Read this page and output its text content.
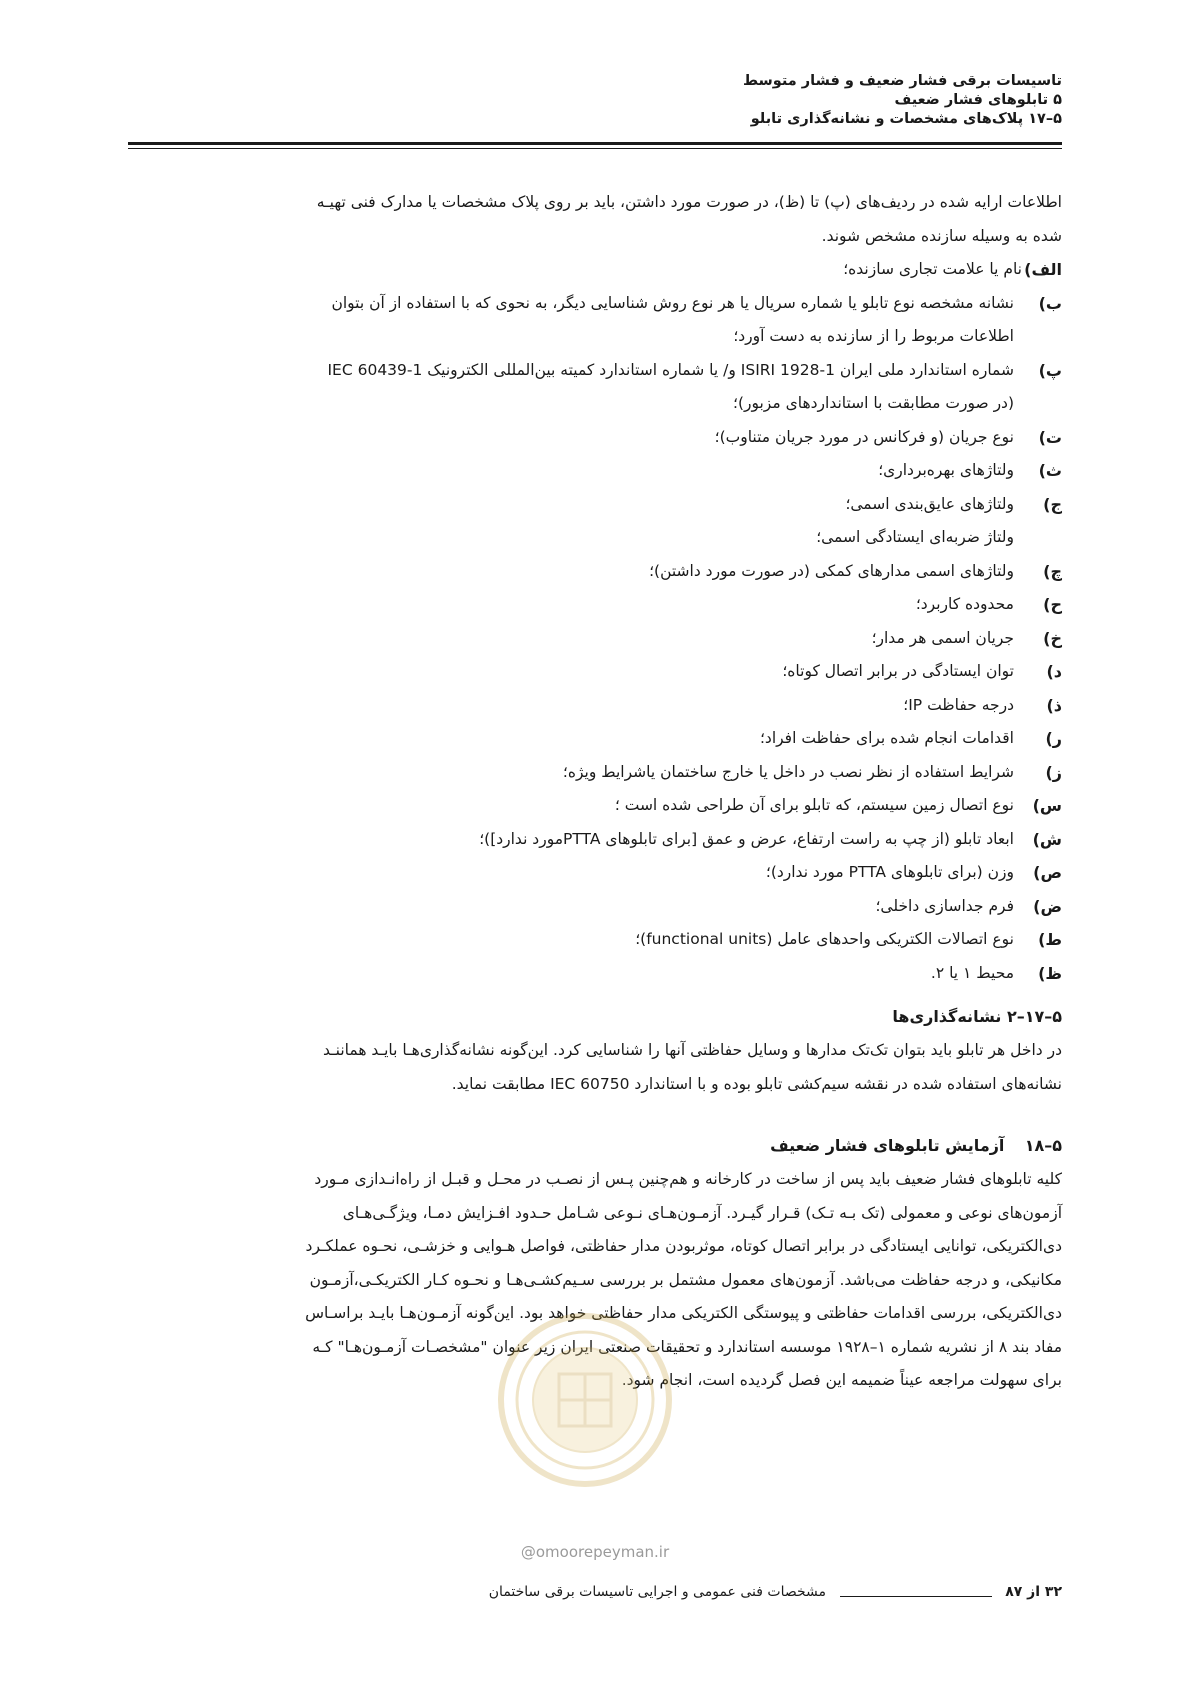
تاسیسات برقی فشار ضعیف و فشار متوسط

۵ تابلوهای فشار ضعیف

۵–۱۷ پلاک‌های مشخصات و نشانه‌گذاری تابلو

اطلاعات ارایه شده در ردیف‌های (پ) تا (ظ)، در صورت مورد داشتن، باید بر روی پلاک مشخصات یا مدارک فنی تهیـه

شده به وسیله سازنده مشخص شوند.

الف)
نام یا علامت تجاری سازنده؛
ب)
نشانه مشخصه نوع تابلو یا شماره سریال یا هر نوع روش شناسایی دیگر، به نحوی که با استفاده از آن بتوان
اطلاعات مربوط را از سازنده به دست آورد؛
پ)
شماره استاندارد ملی ایران ISIRI 1928-1 و/ یا شماره استاندارد کمیته بین‌المللی الکترونیک IEC 60439-1
(در صورت مطابقت با استانداردهای مزبور)؛
ت)
نوع جریان (و فرکانس در مورد جریان متناوب)؛
ث)
ولتاژهای بهره‌برداری؛
ج)
ولتاژهای عایق‌بندی اسمی؛
ولتاژ ضربه‌ای ایستادگی اسمی؛
چ)
ولتاژهای اسمی مدارهای کمکی (در صورت مورد داشتن)؛
ح)
محدوده کاربرد؛
خ)
جریان اسمی هر مدار؛
د)
توان ایستادگی در برابر اتصال کوتاه؛
ذ)
درجه حفاظت IP؛
ر)
اقدامات انجام شده برای حفاظت افراد؛
ز)
شرایط استفاده از نظر نصب در داخل یا خارج ساختمان یاشرایط ویژه؛
س)
نوع اتصال زمین سیستم، که تابلو برای آن طراحی شده است ؛
ش)
ابعاد تابلو (از چپ به راست ارتفاع، عرض و عمق [برای تابلوهای PTTAمورد ندارد])؛
ص)
وزن (برای تابلوهای PTTA مورد ندارد)؛
ض)
فرم جداسازی داخلی؛
ط)
نوع اتصالات الکتریکی واحدهای عامل (functional units)؛
ظ)
محیط ۱ یا ۲.
۵–۱۷–۲ نشانه‌گذاری‌ها

در داخل هر تابلو باید بتوان تک‌تک مدارها و وسایل حفاظتی آنها را شناسایی کرد. این‌گونه نشانه‌گذاری‌هـا بایـد هماننـد

نشانه‌های استفاده شده در نقشه سیم‌کشی تابلو بوده و با استاندارد IEC 60750 مطابقت نماید.

۵–۱۸ آزمایش تابلوهای فشار ضعیف

کلیه تابلوهای فشار ضعیف باید پس از ساخت در کارخانه و هم‌چنین پـس از نصـب در محـل و قبـل از راه‌انـدازی مـورد

آزمون‌های نوعی و معمولی (تک بـه تـک) قـرار گیـرد. آزمـون‌هـای نـوعی شـامل حـدود افـزایش دمـا، ویژگـی‌هـای

دی‌الکتریکی، توانایی ایستادگی در برابر اتصال کوتاه، موثربودن مدار حفاظتی، فواصل هـوایی و خزشـی، نحـوه عملکـرد

مکانیکی، و درجه حفاظت می‌باشد. آزمون‌های معمول مشتمل بر بررسی سـیم‌کشـی‌هـا و نحـوه کـار الکتریکـی،آزمـون

دی‌الکتریکی، بررسی اقدامات حفاظتی و پیوستگی الکتریکی مدار حفاظتی خواهد بود. این‌گونه آزمـون‌هـا بایـد براسـاس

مفاد بند ۸ از نشریه شماره ۱–۱۹۲۸ موسسه استاندارد و تحقیقات صنعتی ایران زیر عنوان "مشخصـات آزمـون‌هـا" کـه

برای سهولت مراجعه عیناً ضمیمه این فصل گردیده است، انجام شود.

@omoorepeyman.ir
۳۲ از ۸۷
مشخصات فنی عمومی و اجرایی تاسیسات برقی ساختمان
